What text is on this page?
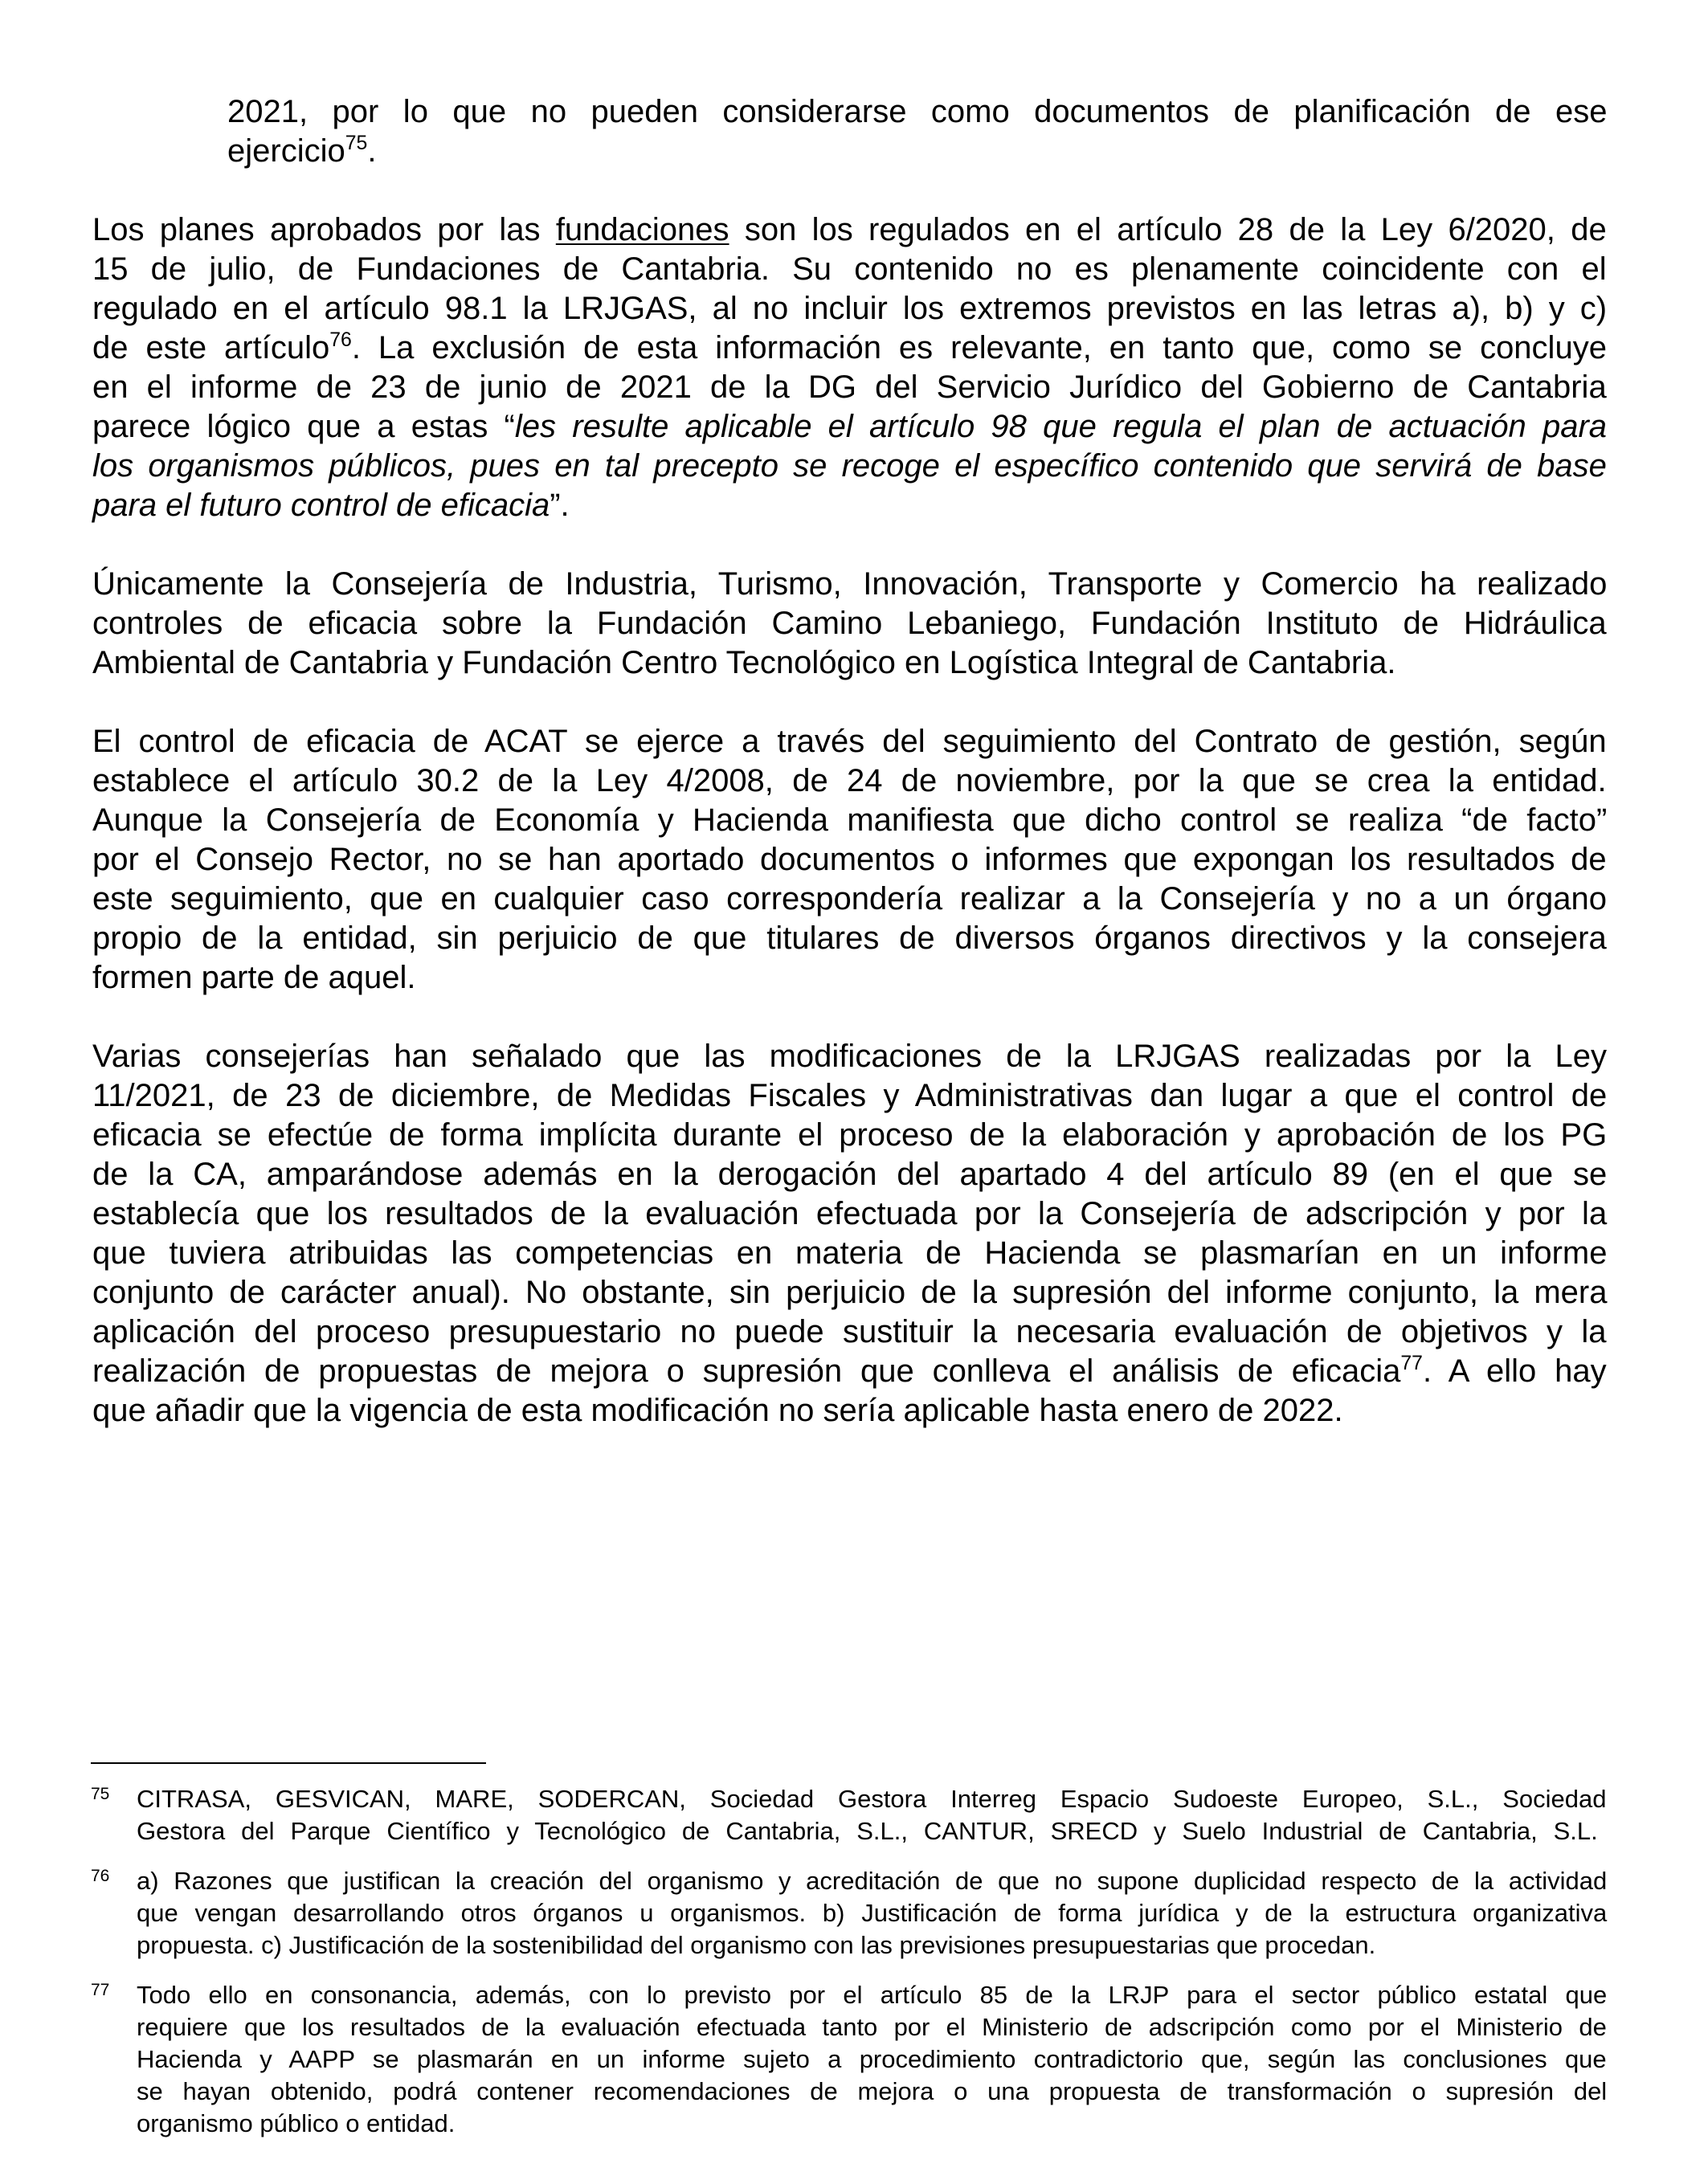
2021, por lo que no pueden considerarse como documentos de planificación de ese
ejercicio$^{75}$.
Los planes aprobados por las fundaciones son los regulados en el artículo 28 de la Ley 6/2020, de
15 de julio, de Fundaciones de Cantabria. Su contenido no es plenamente coincidente con el
regulado en el artículo 98.1 la LRJGAS, al no incluir los extremos previstos en las letras a), b) y c)
de este artículo$^{76}$. La exclusión de esta información es relevante, en tanto que, como se concluye
en el informe de 23 de junio de 2021 de la DG del Servicio Jurídico del Gobierno de Cantabria
parece lógico que a estas “les resulte aplicable el artículo 98 que regula el plan de actuación para
los organismos públicos, pues en tal precepto se recoge el específico contenido que servirá de base
para el futuro control de eficacia”.
Únicamente la Consejería de Industria, Turismo, Innovación, Transporte y Comercio ha realizado
controles de eficacia sobre la Fundación Camino Lebaniego, Fundación Instituto de Hidráulica
Ambiental de Cantabria y Fundación Centro Tecnológico en Logística Integral de Cantabria.
El control de eficacia de ACAT se ejerce a través del seguimiento del Contrato de gestión, según
establece el artículo 30.2 de la Ley 4/2008, de 24 de noviembre, por la que se crea la entidad.
Aunque la Consejería de Economía y Hacienda manifiesta que dicho control se realiza “de facto”
por el Consejo Rector, no se han aportado documentos o informes que expongan los resultados de
este seguimiento, que en cualquier caso correspondería realizar a la Consejería y no a un órgano
propio de la entidad, sin perjuicio de que titulares de diversos órganos directivos y la consejera
formen parte de aquel.
Varias consejerías han señalado que las modificaciones de la LRJGAS realizadas por la Ley
11/2021, de 23 de diciembre, de Medidas Fiscales y Administrativas dan lugar a que el control de
eficacia se efectúe de forma implícita durante el proceso de la elaboración y aprobación de los PG
de la CA, amparándose además en la derogación del apartado 4 del artículo 89 (en el que se
establecía que los resultados de la evaluación efectuada por la Consejería de adscripción y por la
que tuviera atribuidas las competencias en materia de Hacienda se plasmarían en un informe
conjunto de carácter anual). No obstante, sin perjuicio de la supresión del informe conjunto, la mera
aplicación del proceso presupuestario no puede sustituir la necesaria evaluación de objetivos y la
realización de propuestas de mejora o supresión que conlleva el análisis de eficacia$^{77}$. A ello hay
que añadir que la vigencia de esta modificación no sería aplicable hasta enero de 2022.
75 CITRASA, GESVICAN, MARE, SODERCAN, Sociedad Gestora Interreg Espacio Sudoeste Europeo, S.L., Sociedad
Gestora del Parque Científico y Tecnológico de Cantabria, S.L., CANTUR, SRECD y Suelo Industrial de Cantabria, S.L.
76 a) Razones que justifican la creación del organismo y acreditación de que no supone duplicidad respecto de la actividad
que vengan desarrollando otros órganos u organismos. b) Justificación de forma jurídica y de la estructura organizativa
propuesta. c) Justificación de la sostenibilidad del organismo con las previsiones presupuestarias que procedan.
77 Todo ello en consonancia, además, con lo previsto por el artículo 85 de la LRJP para el sector público estatal que
requiere que los resultados de la evaluación efectuada tanto por el Ministerio de adscripción como por el Ministerio de
Hacienda y AAPP se plasmarán en un informe sujeto a procedimiento contradictorio que, según las conclusiones que
se hayan obtenido, podrá contener recomendaciones de mejora o una propuesta de transformación o supresión del
organismo público o entidad.
